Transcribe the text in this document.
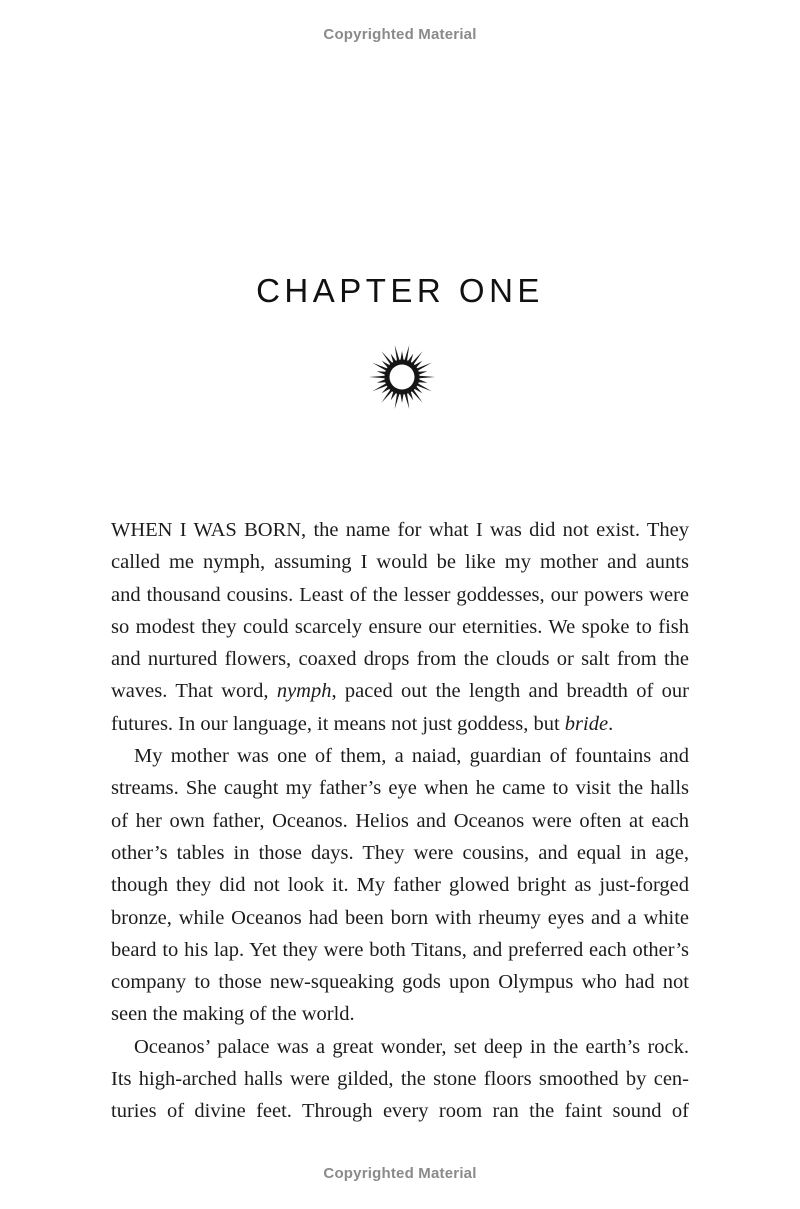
Copyrighted Material
CHAPTER ONE
WHEN I WAS BORN, the name for what I was did not exist. They
called me nymph, assuming I would be like my mother and aunts
and thousand cousins. Least of the lesser goddesses, our powers were
so modest they could scarcely ensure our eternities. We spoke to fish
and nurtured flowers, coaxed drops from the clouds or salt from the
waves. That word, nymph, paced out the length and breadth of our
futures. In our language, it means not just goddess, but bride.
My mother was one of them, a naiad, guardian of fountains and
streams. She caught my father’s eye when he came to visit the halls
of her own father, Oceanos. Helios and Oceanos were often at each
other’s tables in those days. They were cousins, and equal in age,
though they did not look it. My father glowed bright as just-forged
bronze, while Oceanos had been born with rheumy eyes and a white
beard to his lap. Yet they were both Titans, and preferred each other’s
company to those new-squeaking gods upon Olympus who had not
seen the making of the world.
Oceanos’ palace was a great wonder, set deep in the earth’s rock.
Its high-arched halls were gilded, the stone floors smoothed by cen-
turies of divine feet. Through every room ran the faint sound of
Copyrighted Material
